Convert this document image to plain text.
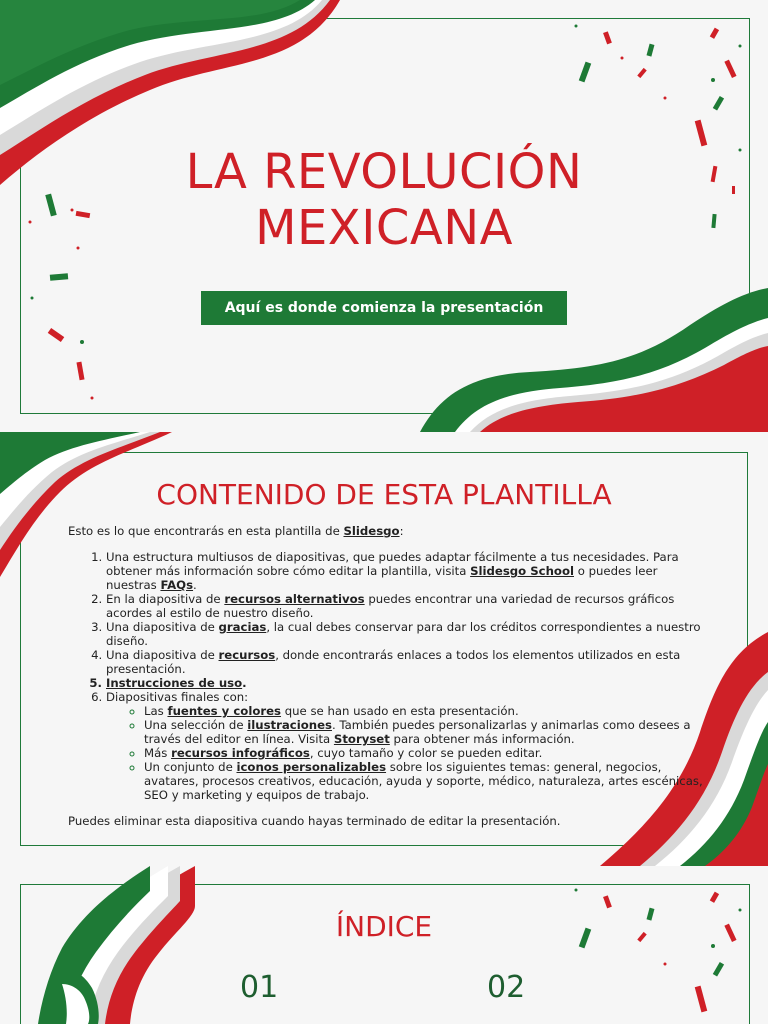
LA REVOLUCIÓN
MEXICANA
Aquí es donde comienza la presentación
CONTENIDO DE ESTA PLANTILLA

Esto es lo que encontrarás en esta plantilla de Slidesgo:

1. Una estructura multiusos de diapositivas, que puedes adaptar fácilmente a tus necesidades. Para obtener más información sobre cómo editar la plantilla, visita Slidesgo School o puedes leer nuestras FAQs.
2. En la diapositiva de recursos alternativos puedes encontrar una variedad de recursos gráficos acordes al estilo de nuestro diseño.
3. Una diapositiva de gracias, la cual debes conservar para dar los créditos correspondientes a nuestro diseño.
4. Una diapositiva de recursos, donde encontrarás enlaces a todos los elementos utilizados en esta presentación.
5. Instrucciones de uso.
6. Diapositivas finales con:
◦ Las fuentes y colores que se han usado en esta presentación.
◦ Una selección de ilustraciones. También puedes personalizarlas y animarlas como desees a través del editor en línea. Visita Storyset para obtener más información.
◦ Más recursos infográficos, cuyo tamaño y color se pueden editar.
◦ Un conjunto de iconos personalizables sobre los siguientes temas: general, negocios, avatares, procesos creativos, educación, ayuda y soporte, médico, naturaleza, artes escénicas, SEO y marketing y equipos de trabajo.

Puedes eliminar esta diapositiva cuando hayas terminado de editar la presentación.

ÍNDICE
01	02
